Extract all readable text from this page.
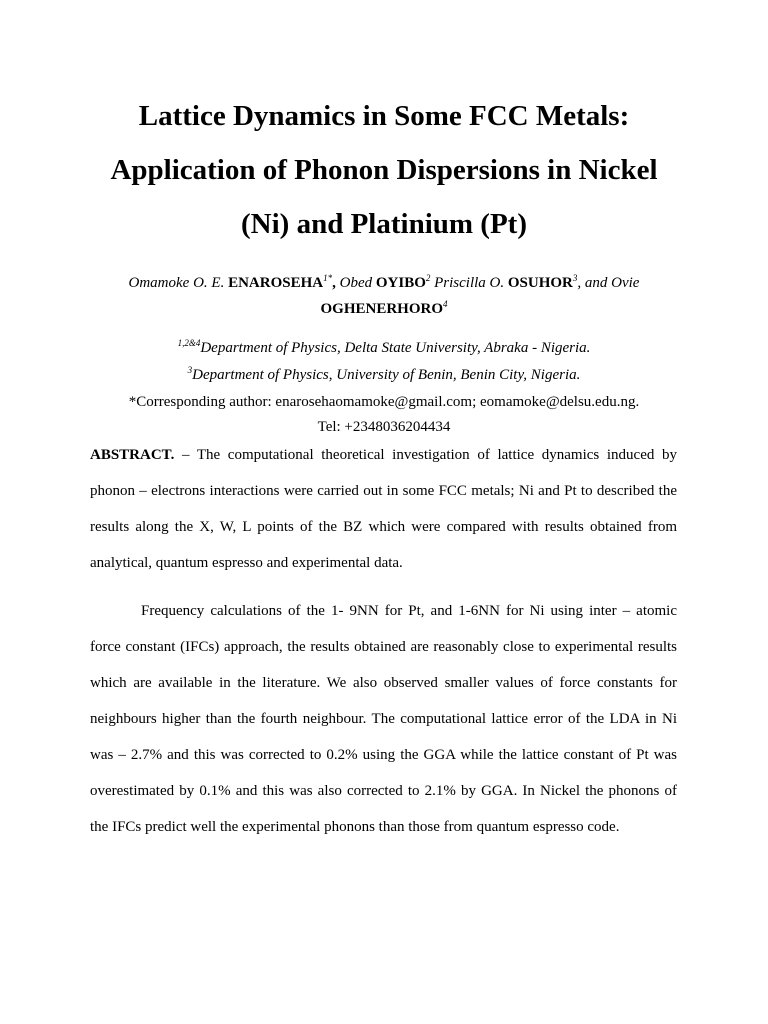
Lattice Dynamics in Some FCC Metals:
Application of Phonon Dispersions in Nickel
(Ni) and Platinium (Pt)
Omamoke O. E. $ENAROSEHA^{1*}$, Obed OYIBO$^2$ Priscilla O. OSUHOR$^3$, and Ovie
OGHENERHORO$^4$
$^{1,2\&4}$Department of Physics, Delta State University, Abraka - Nigeria.
$^3$Department of Physics, University of Benin, Benin City, Nigeria.
*Corresponding author: enarosehaomamoke@gmail.com; eomamoke@delsu.edu.ng.
Tel: +2348036204434
ABSTRACT. – The computational theoretical investigation of lattice dynamics induced by
phonon – electrons interactions were carried out in some FCC metals; Ni and Pt to described the
results along the X, W, L points of the BZ which were compared with results obtained from
analytical, quantum espresso and experimental data.
Frequency calculations of the 1- 9NN for Pt, and 1-6NN for Ni using inter – atomic
force constant (IFCs) approach, the results obtained are reasonably close to experimental results
which are available in the literature. We also observed smaller values of force constants for
neighbours higher than the fourth neighbour. The computational lattice error of the LDA in Ni
was – 2.7% and this was corrected to 0.2% using the GGA while the lattice constant of Pt was
overestimated by 0.1% and this was also corrected to 2.1% by GGA. In Nickel the phonons of
the IFCs predict well the experimental phonons than those from quantum espresso code.
